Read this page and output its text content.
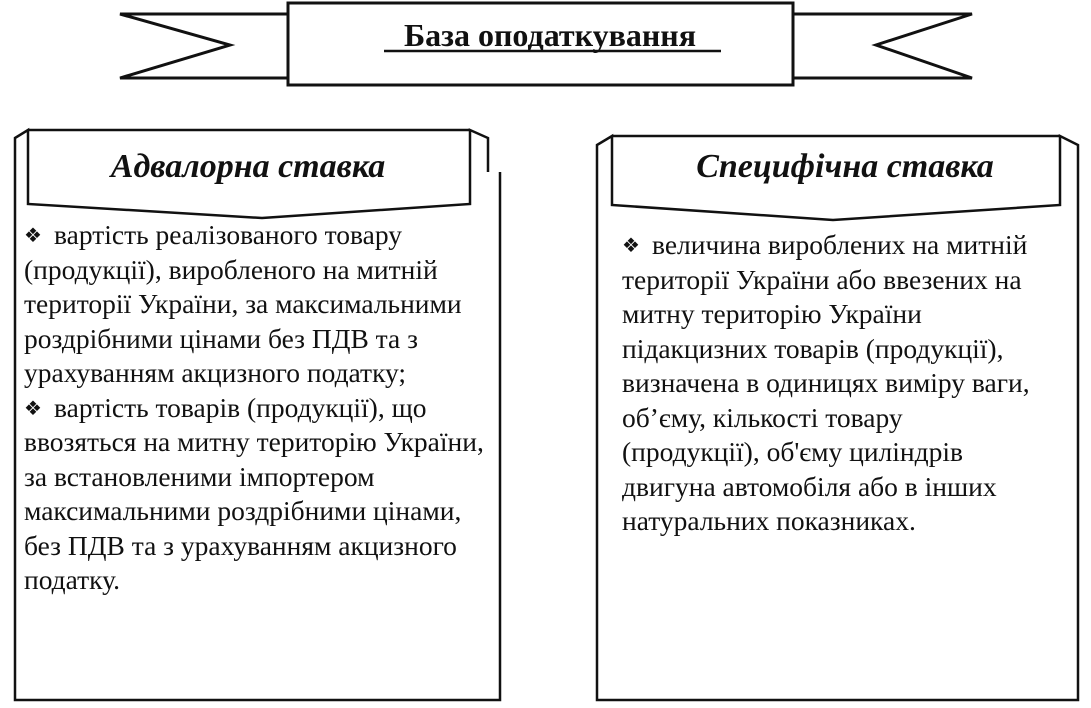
База оподаткування
Адвалорна ставка	Специфічна ставка
❖ вартість реалізованого товару (продукції), виробленого на митній території України, за максимальними роздрібними цінами без ПДВ та з урахуванням акцизного податку;
❖ вартість товарів (продукції), що ввозяться на митну територію України, за встановленими імпортером максимальними роздрібними цінами, без ПДВ та з урахуванням акцизного податку.
❖ величина вироблених на митній території України або ввезених на митну територію України підакцизних товарів (продукції), визначена в одиницях виміру ваги, об’єму, кількості товару (продукції), об'єму циліндрів двигуна автомобіля або в інших натуральних показниках.
